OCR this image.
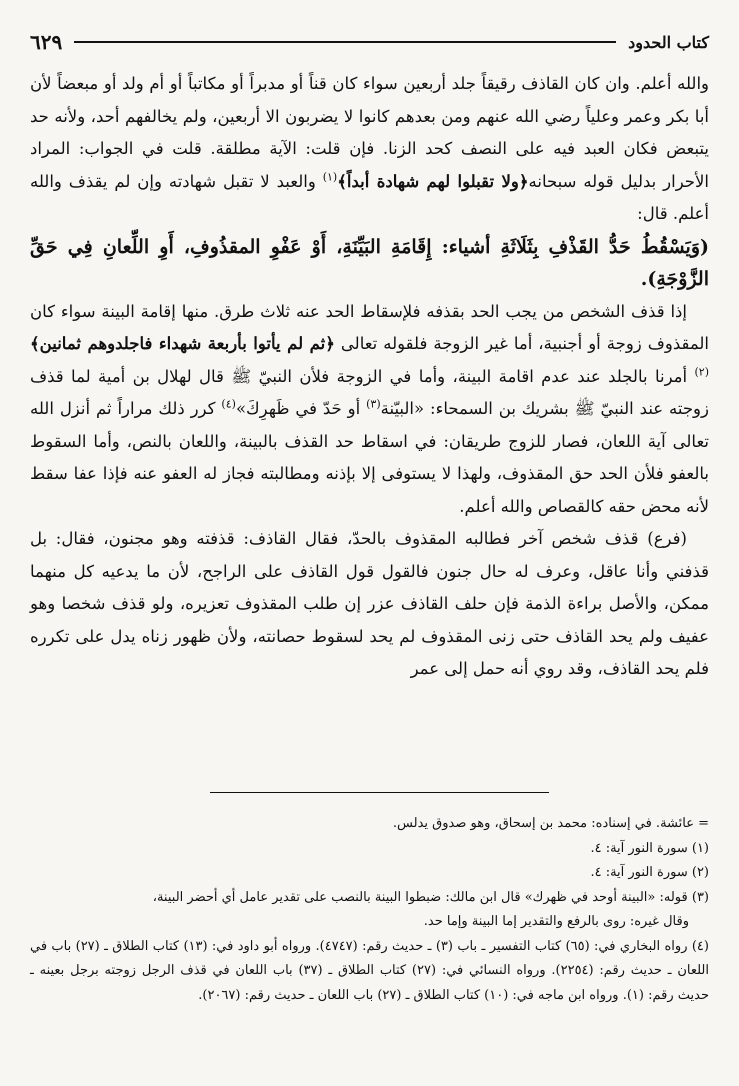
كتاب الحدود
٦٢٩

والله أعلم. وان كان القاذف رقيقاً جلد أربعين سواء كان قناً أو مدبراً أو مكاتباً أو أم ولد أو مبعضاً لأن أبا بكر وعمر وعلياً رضي الله عنهم ومن بعدهم كانوا لا يضربون الا أربعين، ولم يخالفهم أحد، ولأنه حد يتبعض فكان العبد فيه على النصف كحد الزنا. فإن قلت: الآية مطلقة. قلت في الجواب: المراد الأحرار بدليل قوله سبحانه﴿ولا تقبلوا لهم شهادة أبداً﴾$^{(١)}$ والعبد لا تقبل شهادته وإن لم يقذف والله أعلم. قال:

(وَيَسْقُطُ حَدُّ القَذْفِ بِثَلَاثَةِ أشياء: إِقَامَةِ البَيِّنَةِ، أَوْ عَفْوِ المقذُوفِ، أَوِ اللِّعانِ فِي حَقِّ الزَّوْجَةِ).

إذا قذف الشخص من يجب الحد بقذفه فلإسقاط الحد عنه ثلاث طرق. منها إقامة البينة سواء كان المقذوف زوجة أو أجنبية، أما غير الزوجة فلقوله تعالى ﴿ثم لم يأتوا بأربعة شهداء فاجلدوهم ثمانين﴾$^{(٢)}$ أمرنا بالجلد عند عدم اقامة البينة، وأما في الزوجة فلأن النبيّ ﷺ قال لهلال بن أمية لما قذف زوجته عند النبيّ ﷺ بشريك بن السمحاء: «البيّنة$^{(٣)}$ أو حَدّ في ظَهرِكَ»$^{(٤)}$ كرر ذلك مراراً ثم أنزل الله تعالى آية اللعان، فصار للزوج طريقان: في اسقاط حد القذف بالبينة، واللعان بالنص، وأما السقوط بالعفو فلأن الحد حق المقذوف، ولهذا لا يستوفى إلا بإذنه ومطالبته فجاز له العفو عنه فإذا عفا سقط لأنه محض حقه كالقصاص والله أعلم.

(فرع) قذف شخص آخر فطالبه المقذوف بالحدّ، فقال القاذف: قذفته وهو مجنون، فقال: بل قذفني وأنا عاقل، وعرف له حال جنون فالقول قول القاذف على الراجح، لأن ما يدعيه كل منهما ممكن، والأصل براءة الذمة فإن حلف القاذف عزر إن طلب المقذوف تعزيره، ولو قذف شخصا وهو عفيف ولم يحد القاذف حتى زنى المقذوف لم يحد لسقوط حصانته، ولأن ظهور زناه يدل على تكرره فلم يحد القاذف، وقد روي أنه حمل إلى عمر

= عائشة. في إسناده: محمد بن إسحاق، وهو صدوق يدلس.

(١) سورة النور آية: ٤.

(٢) سورة النور آية: ٤.

(٣) قوله: «البينة أوحد في ظهرك» قال ابن مالك: ضبطوا البينة بالنصب على تقدير عامل أي أحضر البينة،

وقال غيره: روى بالرفع والتقدير إما البينة وإما حد.

(٤) رواه البخاري في: (٦٥) كتاب التفسير ـ باب (٣) ـ حديث رقم: (٤٧٤٧). ورواه أبو داود في: (١٣) كتاب الطلاق ـ (٢٧) باب في اللعان ـ حديث رقم: (٢٢٥٤). ورواه النسائي في: (٢٧) كتاب الطلاق ـ (٣٧) باب اللعان في قذف الرجل زوجته برجل بعينه ـ حديث رقم: (١). ورواه ابن ماجه في: (١٠) كتاب الطلاق ـ (٢٧) باب اللعان ـ حديث رقم: (٢٠٦٧).
